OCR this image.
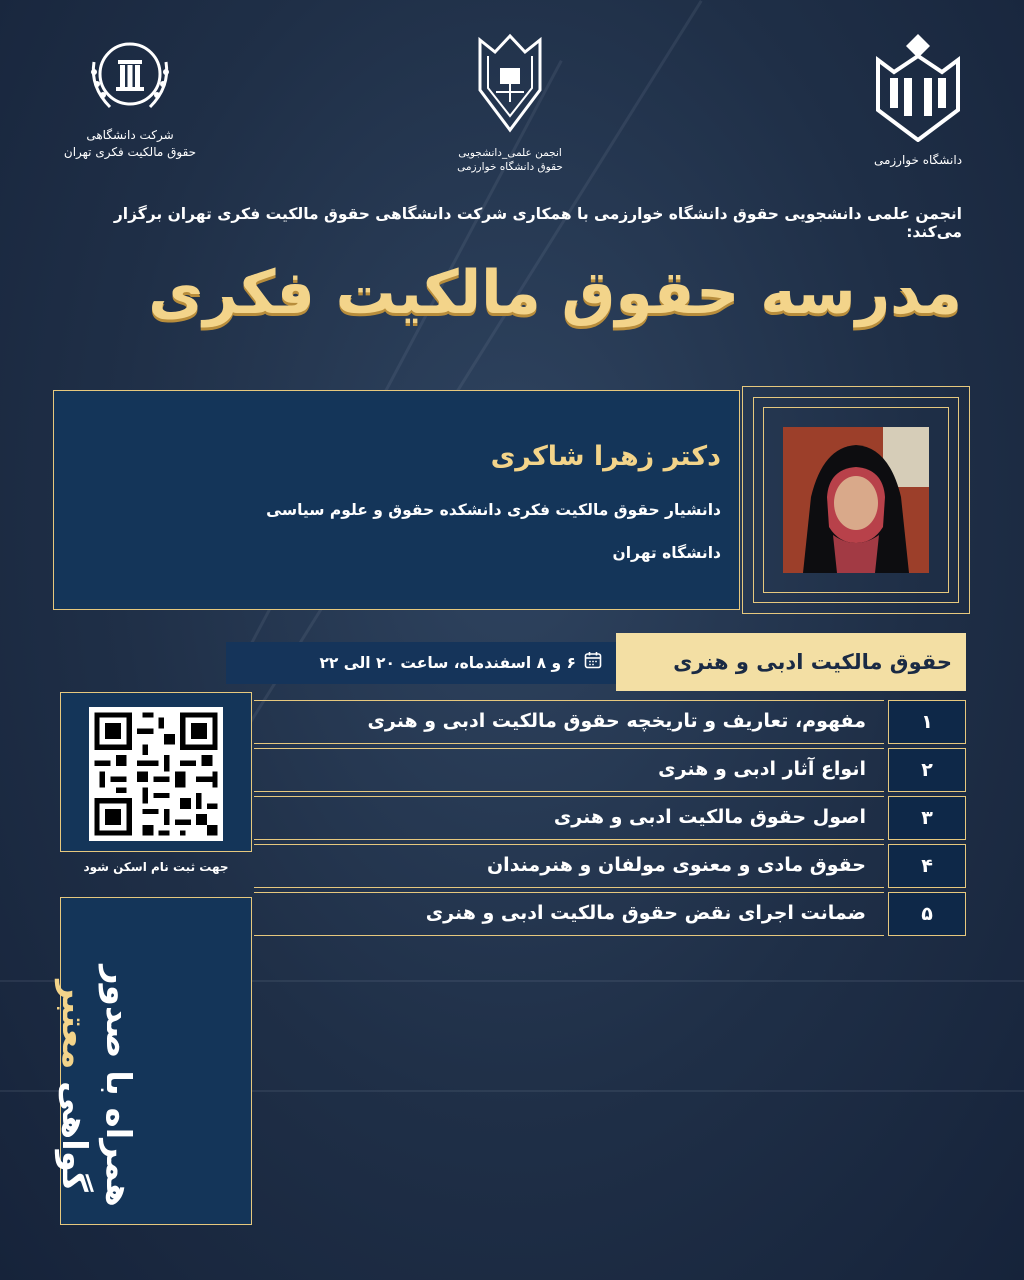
شرکت دانشگاهی
حقوق مالکیت فکری تهران	انجمن علمی_دانشجویی
حقوق دانشگاه خوارزمی	دانشگاه خوارزمی
انجمن علمی دانشجویی حقوق دانشگاه خوارزمی با همکاری شرکت دانشگاهی حقوق مالکیت فکری تهران برگزار می‌کند:
مدرسه حقوق مالکیت فکری
دکتر زهرا شاکری
دانشیار حقوق مالکیت فکری دانشکده حقوق و علوم سیاسی
دانشگاه تهران
۶ و ۸ اسفندماه، ساعت ۲۰ الی ۲۲	حقوق مالکیت ادبی و هنری
۱
مفهوم، تعاریف و تاریخچه حقوق مالکیت ادبی و هنری
۲
انواع آثار ادبی و هنری
۳
اصول حقوق مالکیت ادبی و هنری
۴
حقوق مادی و معنوی مولفان و هنرمندان
۵
ضمانت اجرای نقض حقوق مالکیت ادبی و هنری
جهت ثبت نام اسکن شود
همراه با صدور
گواهی معتبر
